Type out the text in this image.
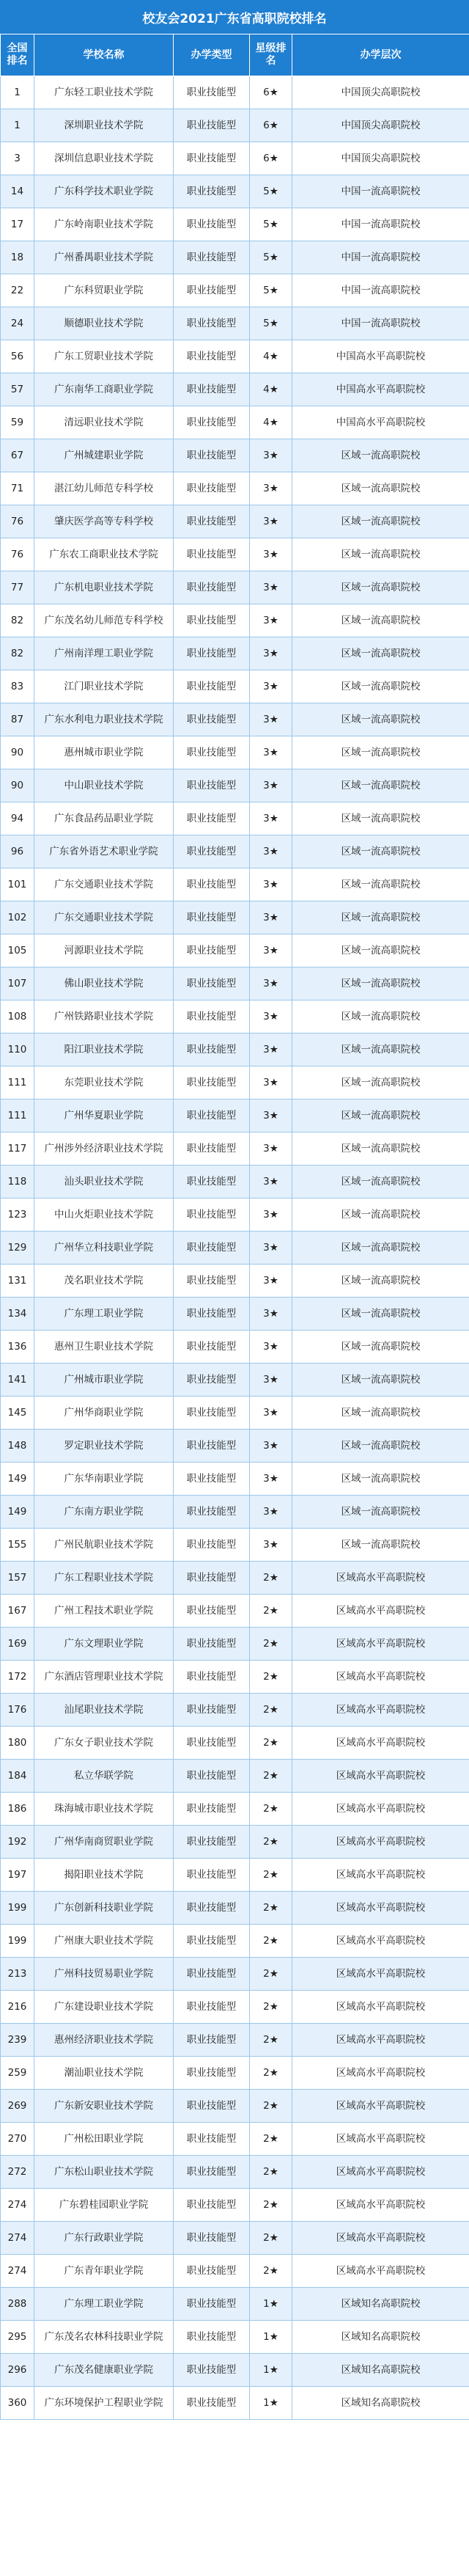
校友会2021广东省高职院校排名
全国排名	学校名称	办学类型	星级排名	办学层次
1	广东轻工职业技术学院	职业技能型	6★	中国顶尖高职院校
1	深圳职业技术学院	职业技能型	6★	中国顶尖高职院校
3	深圳信息职业技术学院	职业技能型	6★	中国顶尖高职院校
14	广东科学技术职业学院	职业技能型	5★	中国一流高职院校
17	广东岭南职业技术学院	职业技能型	5★	中国一流高职院校
18	广州番禺职业技术学院	职业技能型	5★	中国一流高职院校
22	广东科贸职业学院	职业技能型	5★	中国一流高职院校
24	顺德职业技术学院	职业技能型	5★	中国一流高职院校
56	广东工贸职业技术学院	职业技能型	4★	中国高水平高职院校
57	广东南华工商职业学院	职业技能型	4★	中国高水平高职院校
59	清远职业技术学院	职业技能型	4★	中国高水平高职院校
67	广州城建职业学院	职业技能型	3★	区域一流高职院校
71	湛江幼儿师范专科学校	职业技能型	3★	区域一流高职院校
76	肇庆医学高等专科学校	职业技能型	3★	区域一流高职院校
76	广东农工商职业技术学院	职业技能型	3★	区域一流高职院校
77	广东机电职业技术学院	职业技能型	3★	区域一流高职院校
82	广东茂名幼儿师范专科学校	职业技能型	3★	区域一流高职院校
82	广州南洋理工职业学院	职业技能型	3★	区域一流高职院校
83	江门职业技术学院	职业技能型	3★	区域一流高职院校
87	广东水利电力职业技术学院	职业技能型	3★	区域一流高职院校
90	惠州城市职业学院	职业技能型	3★	区域一流高职院校
90	中山职业技术学院	职业技能型	3★	区域一流高职院校
94	广东食品药品职业学院	职业技能型	3★	区域一流高职院校
96	广东省外语艺术职业学院	职业技能型	3★	区域一流高职院校
101	广东交通职业技术学院	职业技能型	3★	区域一流高职院校
102	广东交通职业技术学院	职业技能型	3★	区域一流高职院校
105	河源职业技术学院	职业技能型	3★	区域一流高职院校
107	佛山职业技术学院	职业技能型	3★	区域一流高职院校
108	广州铁路职业技术学院	职业技能型	3★	区域一流高职院校
110	阳江职业技术学院	职业技能型	3★	区域一流高职院校
111	东莞职业技术学院	职业技能型	3★	区域一流高职院校
111	广州华夏职业学院	职业技能型	3★	区域一流高职院校
117	广州涉外经济职业技术学院	职业技能型	3★	区域一流高职院校
118	汕头职业技术学院	职业技能型	3★	区域一流高职院校
123	中山火炬职业技术学院	职业技能型	3★	区域一流高职院校
129	广州华立科技职业学院	职业技能型	3★	区域一流高职院校
131	茂名职业技术学院	职业技能型	3★	区域一流高职院校
134	广东理工职业学院	职业技能型	3★	区域一流高职院校
136	惠州卫生职业技术学院	职业技能型	3★	区域一流高职院校
141	广州城市职业学院	职业技能型	3★	区域一流高职院校
145	广州华商职业学院	职业技能型	3★	区域一流高职院校
148	罗定职业技术学院	职业技能型	3★	区域一流高职院校
149	广东华南职业学院	职业技能型	3★	区域一流高职院校
149	广东南方职业学院	职业技能型	3★	区域一流高职院校
155	广州民航职业技术学院	职业技能型	3★	区域一流高职院校
157	广东工程职业技术学院	职业技能型	2★	区域高水平高职院校
167	广州工程技术职业学院	职业技能型	2★	区域高水平高职院校
169	广东文理职业学院	职业技能型	2★	区域高水平高职院校
172	广东酒店管理职业技术学院	职业技能型	2★	区域高水平高职院校
176	汕尾职业技术学院	职业技能型	2★	区域高水平高职院校
180	广东女子职业技术学院	职业技能型	2★	区域高水平高职院校
184	私立华联学院	职业技能型	2★	区域高水平高职院校
186	珠海城市职业技术学院	职业技能型	2★	区域高水平高职院校
192	广州华南商贸职业学院	职业技能型	2★	区域高水平高职院校
197	揭阳职业技术学院	职业技能型	2★	区域高水平高职院校
199	广东创新科技职业学院	职业技能型	2★	区域高水平高职院校
199	广州康大职业技术学院	职业技能型	2★	区域高水平高职院校
213	广州科技贸易职业学院	职业技能型	2★	区域高水平高职院校
216	广东建设职业技术学院	职业技能型	2★	区域高水平高职院校
239	惠州经济职业技术学院	职业技能型	2★	区域高水平高职院校
259	潮汕职业技术学院	职业技能型	2★	区域高水平高职院校
269	广东新安职业技术学院	职业技能型	2★	区域高水平高职院校
270	广州松田职业学院	职业技能型	2★	区域高水平高职院校
272	广东松山职业技术学院	职业技能型	2★	区域高水平高职院校
274	广东碧桂园职业学院	职业技能型	2★	区域高水平高职院校
274	广东行政职业学院	职业技能型	2★	区域高水平高职院校
274	广东青年职业学院	职业技能型	2★	区域高水平高职院校
288	广东理工职业学院	职业技能型	1★	区域知名高职院校
295	广东茂名农林科技职业学院	职业技能型	1★	区域知名高职院校
296	广东茂名健康职业学院	职业技能型	1★	区域知名高职院校
360	广东环境保护工程职业学院	职业技能型	1★	区域知名高职院校
